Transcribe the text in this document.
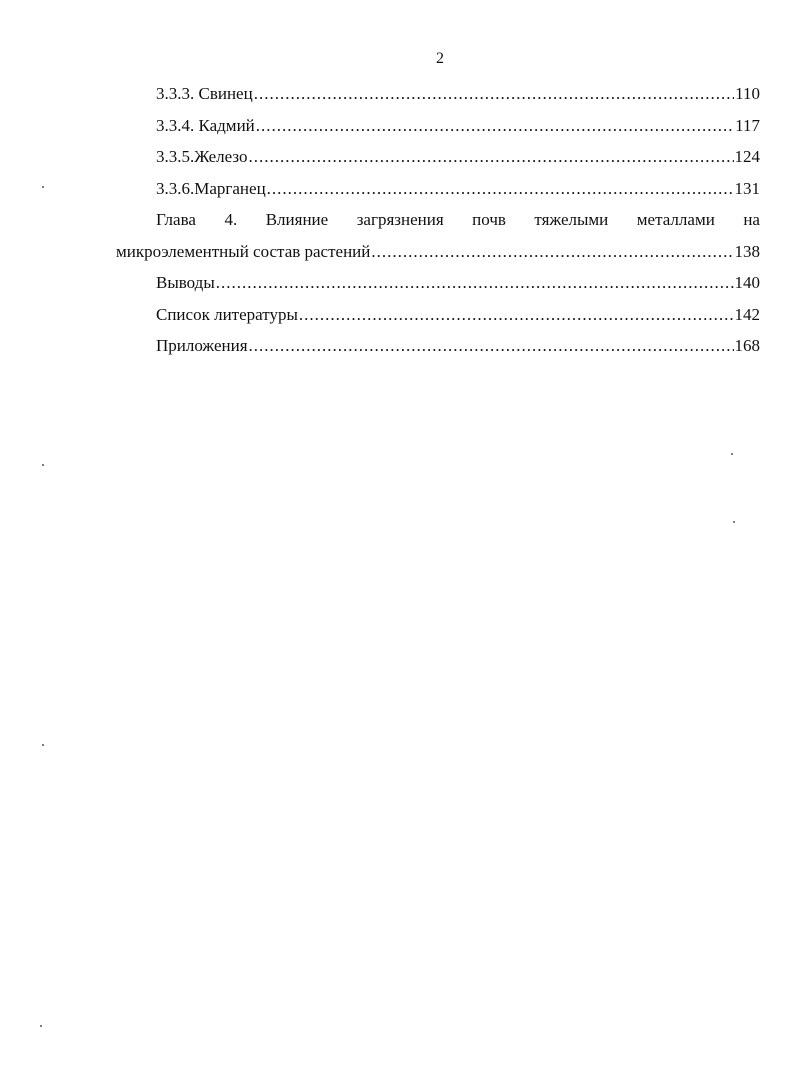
2
3.3.3. Свинец .....	110
3.3.4. Кадмий .....	117
3.3.5.Железо .....	124
3.3.6.Марганец .....	131
Глава 4. Влияние загрязнения почв тяжелыми металлами на
микроэлементный состав растений .....	138
Выводы .....	140
Список литературы .....	142
Приложения .....	168
